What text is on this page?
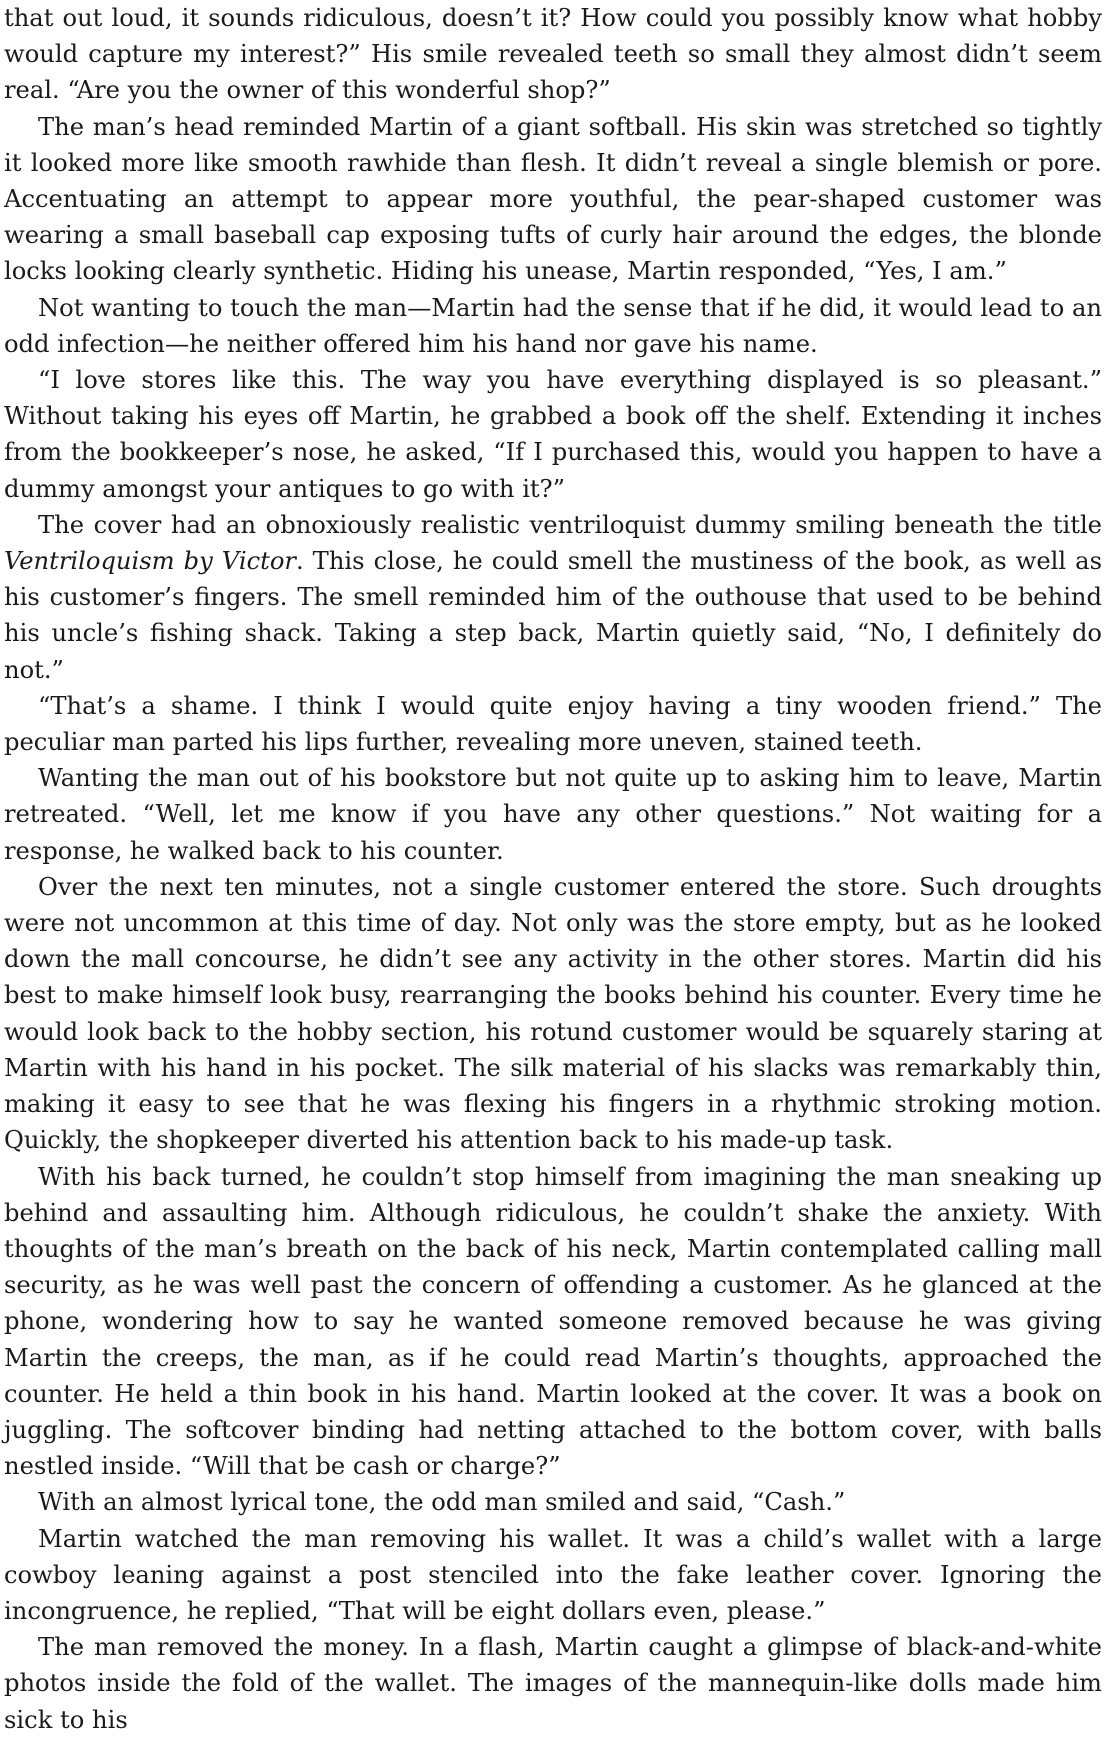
that out loud, it sounds ridiculous, doesn’t it? How could you possibly know what hobby would capture my interest?” His smile revealed teeth so small they almost didn’t seem real. “Are you the owner of this wonderful shop?”

The man’s head reminded Martin of a giant softball. His skin was stretched so tightly it looked more like smooth rawhide than flesh. It didn’t reveal a single blemish or pore. Accentuating an attempt to appear more youthful, the pear-shaped customer was wearing a small baseball cap exposing tufts of curly hair around the edges, the blonde locks looking clearly synthetic. Hiding his unease, Martin responded, “Yes, I am.”

Not wanting to touch the man—Martin had the sense that if he did, it would lead to an odd infection—he neither offered him his hand nor gave his name.

“I love stores like this. The way you have everything displayed is so pleasant.” Without taking his eyes off Martin, he grabbed a book off the shelf. Extending it inches from the bookkeeper’s nose, he asked, “If I purchased this, would you happen to have a dummy amongst your antiques to go with it?”

The cover had an obnoxiously realistic ventriloquist dummy smiling beneath the title Ventriloquism by Victor. This close, he could smell the mustiness of the book, as well as his customer’s fingers. The smell reminded him of the outhouse that used to be behind his uncle’s fishing shack. Taking a step back, Martin quietly said, “No, I definitely do not.”

“That’s a shame. I think I would quite enjoy having a tiny wooden friend.” The peculiar man parted his lips further, revealing more uneven, stained teeth.

Wanting the man out of his bookstore but not quite up to asking him to leave, Martin retreated. “Well, let me know if you have any other questions.” Not waiting for a response, he walked back to his counter.

Over the next ten minutes, not a single customer entered the store. Such droughts were not uncommon at this time of day. Not only was the store empty, but as he looked down the mall concourse, he didn’t see any activity in the other stores. Martin did his best to make himself look busy, rearranging the books behind his counter. Every time he would look back to the hobby section, his rotund customer would be squarely staring at Martin with his hand in his pocket. The silk material of his slacks was remarkably thin, making it easy to see that he was flexing his fingers in a rhythmic stroking motion. Quickly, the shopkeeper diverted his attention back to his made-up task.

With his back turned, he couldn’t stop himself from imagining the man sneaking up behind and assaulting him. Although ridiculous, he couldn’t shake the anxiety. With thoughts of the man’s breath on the back of his neck, Martin contemplated calling mall security, as he was well past the concern of offending a customer. As he glanced at the phone, wondering how to say he wanted someone removed because he was giving Martin the creeps, the man, as if he could read Martin’s thoughts, approached the counter. He held a thin book in his hand. Martin looked at the cover. It was a book on juggling. The softcover binding had netting attached to the bottom cover, with balls nestled inside. “Will that be cash or charge?”

With an almost lyrical tone, the odd man smiled and said, “Cash.”

Martin watched the man removing his wallet. It was a child’s wallet with a large cowboy leaning against a post stenciled into the fake leather cover. Ignoring the incongruence, he replied, “That will be eight dollars even, please.”

The man removed the money. In a flash, Martin caught a glimpse of black-and-white photos inside the fold of the wallet. The images of the mannequin-like dolls made him sick to his
